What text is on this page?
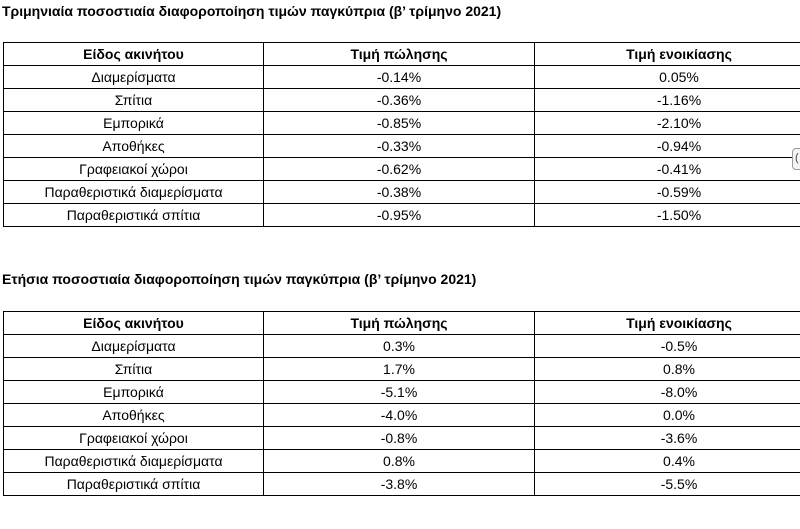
Τριμηνιαία ποσοστιαία διαφοροποίηση τιμών παγκύπρια (β’ τρίμηνο 2021)
Είδος ακινήτου	Τιμή πώλησης	Τιμή ενοικίασης
Διαμερίσματα	-0.14%	0.05%
Σπίτια	-0.36%	-1.16%
Εμπορικά	-0.85%	-2.10%
Αποθήκες	-0.33%	-0.94%
Γραφειακοί χώροι	-0.62%	-0.41%
Παραθεριστικά διαμερίσματα	-0.38%	-0.59%
Παραθεριστικά σπίτια	-0.95%	-1.50%
(
Ετήσια ποσοστιαία διαφοροποίηση τιμών παγκύπρια (β’ τρίμηνο 2021)
Είδος ακινήτου	Τιμή πώλησης	Τιμή ενοικίασης
Διαμερίσματα	0.3%	-0.5%
Σπίτια	1.7%	0.8%
Εμπορικά	-5.1%	-8.0%
Αποθήκες	-4.0%	0.0%
Γραφειακοί χώροι	-0.8%	-3.6%
Παραθεριστικά διαμερίσματα	0.8%	0.4%
Παραθεριστικά σπίτια	-3.8%	-5.5%
